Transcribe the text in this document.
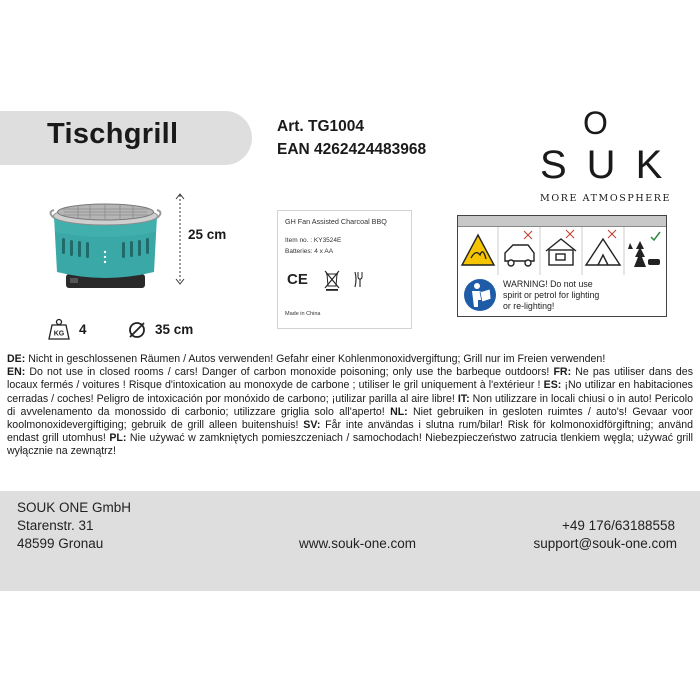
Tischgrill	Art. TG1004
EAN 4262424483968
O
SUK
MORE ATMOSPHERE
25 cm
KG 4	35 cm
GH Fan Assisted Charcoal BBQ
Item no. : KY3524E
Batteries: 4 x AA
CE
Made in China
WARNING! Do not use
spirit or petrol for lighting
or re-lighting!

DE: Nicht in geschlossenen Räumen / Autos verwenden! Gefahr einer Kohlenmonoxidvergiftung; Grill nur im Freien verwenden!

EN: Do not use in closed rooms / cars! Danger of carbon monoxide poisoning; only use the barbeque outdoors! FR: Ne pas utiliser dans des locaux fermés / voitures ! Risque d'intoxication au monoxyde de carbone ; utiliser le gril uniquement à l'extérieur ! ES: ¡No utilizar en habitaciones cerradas / coches! Peligro de intoxicación por monóxido de carbono; ¡utilizar parilla al aire libre! IT: Non utilizzare in locali chiusi o in auto! Pericolo di avvelenamento da monossido di carbonio; utilizzare griglia solo all'aperto! NL: Niet gebruiken in gesloten ruimtes / auto's! Gevaar voor koolmonoxidevergiftiging; gebruik de grill alleen buitenshuis! SV: Får inte användas i slutna rum/bilar! Risk för kolmonoxidförgiftning; använd endast grill utomhus! PL: Nie używać w zamkniętych pomieszczeniach / samochodach! Niebezpieczeństwo zatrucia tlenkiem węgla; używać grill wyłącznie na zewnątrz!

SOUK ONE GmbH
Starenstr. 31
48599 Gronau	www.souk-one.com
+49 176/63188558
support@souk-one.com
